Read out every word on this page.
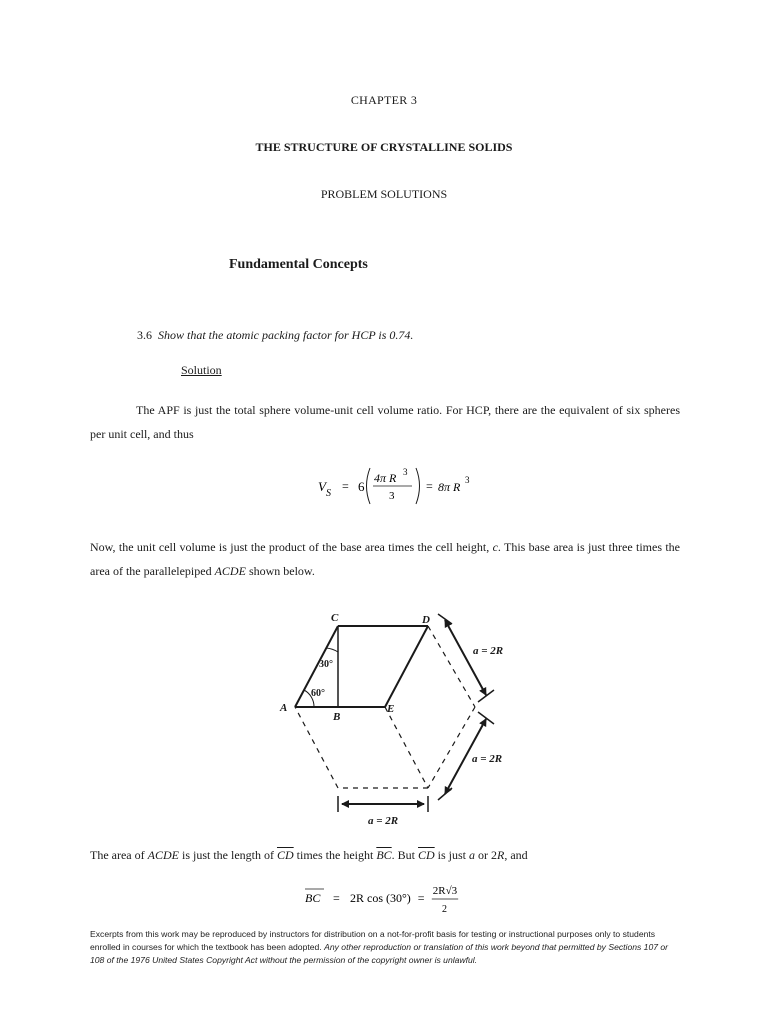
CHAPTER 3
THE STRUCTURE OF CRYSTALLINE SOLIDS
PROBLEM SOLUTIONS
Fundamental Concepts
3.6 Show that the atomic packing factor for HCP is 0.74.
Solution
The APF is just the total sphere volume-unit cell volume ratio. For HCP, there are the equivalent of six spheres per unit cell, and thus
V S
= 6
4π R 3
3
= 8π R 3
Now, the unit cell volume is just the product of the base area times the cell height, c. This base area is just three times the area of the parallelepiped ACDE shown below.
C	D
A
B
E
a = 2R
a = 2R
a = 2R
30°
60°
The area of ACDE is just the length of $\overline{CD}$ times the height $\overline{BC}$. But $\overline{CD}$ is just a or 2R, and
BC = 2R cos (30°) = 2R√3
2
Excerpts from this work may be reproduced by instructors for distribution on a not-for-profit basis for testing or instructional purposes only to students enrolled in courses for which the textbook has been adopted. Any other reproduction or translation of this work beyond that permitted by Sections 107 or 108 of the 1976 United States Copyright Act without the permission of the copyright owner is unlawful.
